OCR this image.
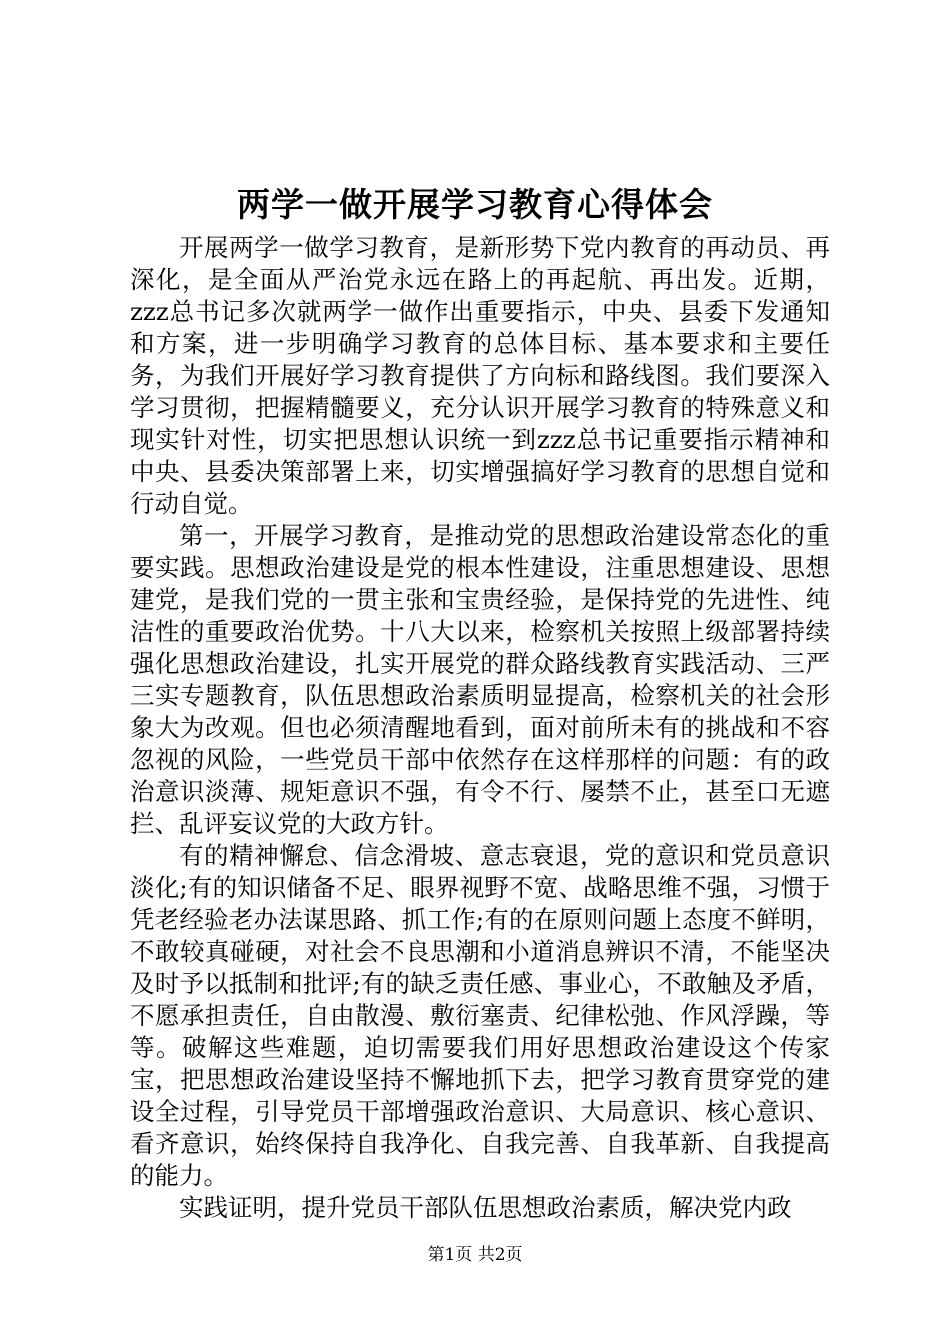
两学一做开展学习教育心得体会

开展两学一做学习教育，是新形势下党内教育的再动员、再深化，是全面从严治党永远在路上的再起航、再出发。近期，zzz总书记多次就两学一做作出重要指示，中央、县委下发通知和方案，进一步明确学习教育的总体目标、基本要求和主要任务，为我们开展好学习教育提供了方向标和路线图。我们要深入学习贯彻，把握精髓要义，充分认识开展学习教育的特殊意义和现实针对性，切实把思想认识统一到zzz总书记重要指示精神和中央、县委决策部署上来，切实增强搞好学习教育的思想自觉和行动自觉。

第一，开展学习教育，是推动党的思想政治建设常态化的重要实践。思想政治建设是党的根本性建设，注重思想建设、思想建党，是我们党的一贯主张和宝贵经验，是保持党的先进性、纯洁性的重要政治优势。十八大以来，检察机关按照上级部署持续强化思想政治建设，扎实开展党的群众路线教育实践活动、三严三实专题教育，队伍思想政治素质明显提高，检察机关的社会形象大为改观。但也必须清醒地看到，面对前所未有的挑战和不容忽视的风险，一些党员干部中依然存在这样那样的问题：有的政治意识淡薄、规矩意识不强，有令不行、屡禁不止，甚至口无遮拦、乱评妄议党的大政方针。

有的精神懈怠、信念滑坡、意志衰退，党的意识和党员意识淡化;有的知识储备不足、眼界视野不宽、战略思维不强，习惯于凭老经验老办法谋思路、抓工作;有的在原则问题上态度不鲜明，不敢较真碰硬，对社会不良思潮和小道消息辨识不清，不能坚决及时予以抵制和批评;有的缺乏责任感、事业心，不敢触及矛盾，不愿承担责任，自由散漫、敷衍塞责、纪律松弛、作风浮躁，等等。破解这些难题，迫切需要我们用好思想政治建设这个传家宝，把思想政治建设坚持不懈地抓下去，把学习教育贯穿党的建设全过程，引导党员干部增强政治意识、大局意识、核心意识、看齐意识，始终保持自我净化、自我完善、自我革新、自我提高的能力。

实践证明，提升党员干部队伍思想政治素质，解决党内政

第1页 共2页
